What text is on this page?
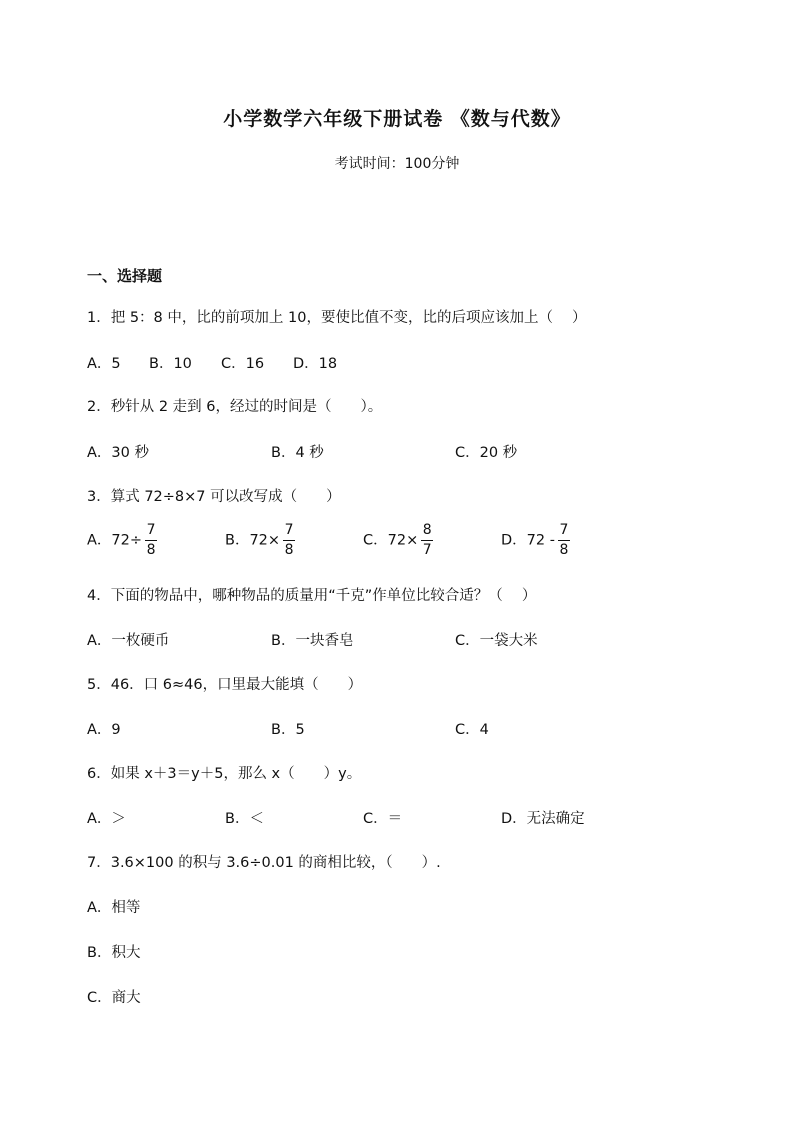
小学数学六年级下册试卷 《数与代数》
考试时间：100分钟
一、选择题
1．把 5：8 中，比的前项加上 10，要使比值不变，比的后项应该加上（　 ）
A．5 B．10 C．16 D．18
2．秒针从 2 走到 6，经过的时间是（　　）。
A．30 秒	B．4 秒	C．20 秒
3．算式 72÷8×7 可以改写成（　　）
A．$72\div \frac{7}{8}$	B．$72\times \frac{7}{8}$	C．$72\times \frac{8}{7}$	D．$72 - \frac{7}{8}$
4．下面的物品中，哪种物品的质量用“千克”作单位比较合适？（　 ）
A．一枚硬币	B．一块香皂	C．一袋大米
5．46．口 6≈46，口里最大能填（　　）
A．9	B．5	C．4
6．如果 x＋3＝y＋5，那么 x（　　）y。
A．＞	B．＜	C．＝	D．无法确定
7．3.6×100 的积与 3.6÷0.01 的商相比较，（　　）.
A．相等
B．积大
C．商大
